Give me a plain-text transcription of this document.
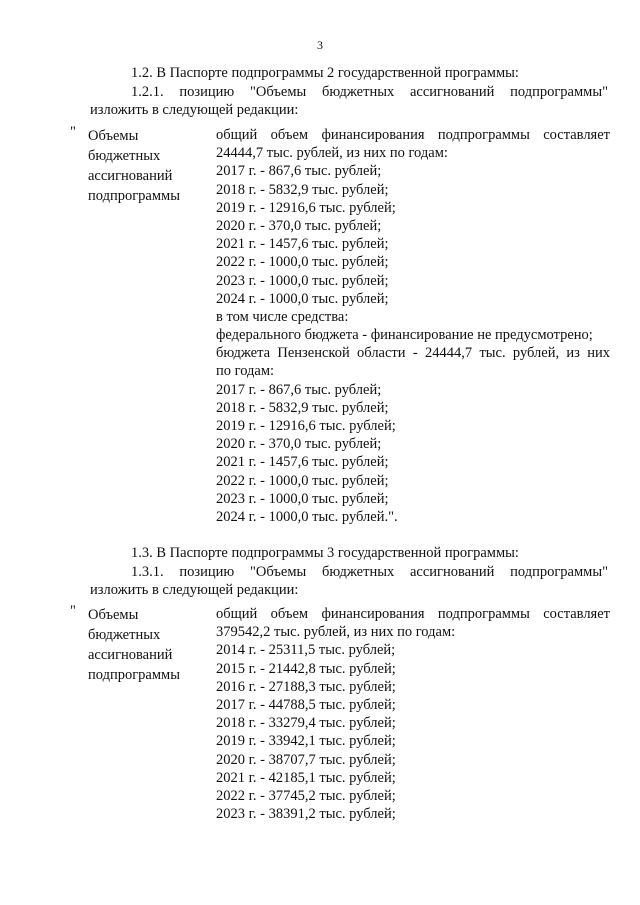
3
1.2. В Паспорте подпрограммы 2 государственной программы:
1.2.1. позицию "Объемы бюджетных ассигнований подпрограммы"
изложить в следующей редакции:
" Объемы
бюджетных
ассигнований
подпрограммы
общий объем финансирования подпрограммы составляет
24444,7 тыс. рублей, из них по годам:
2017 г. - 867,6 тыс. рублей;
2018 г. - 5832,9 тыс. рублей;
2019 г. - 12916,6 тыс. рублей;
2020 г. - 370,0 тыс. рублей;
2021 г. - 1457,6 тыс. рублей;
2022 г. - 1000,0 тыс. рублей;
2023 г. - 1000,0 тыс. рублей;
2024 г. - 1000,0 тыс. рублей;
в том числе средства:
федерального бюджета - финансирование не предусмотрено;
бюджета Пензенской области - 24444,7 тыс. рублей, из них
по годам:
2017 г. - 867,6 тыс. рублей;
2018 г. - 5832,9 тыс. рублей;
2019 г. - 12916,6 тыс. рублей;
2020 г. - 370,0 тыс. рублей;
2021 г. - 1457,6 тыс. рублей;
2022 г. - 1000,0 тыс. рублей;
2023 г. - 1000,0 тыс. рублей;
2024 г. - 1000,0 тыс. рублей.".
1.3. В Паспорте подпрограммы 3 государственной программы:
1.3.1. позицию "Объемы бюджетных ассигнований подпрограммы"
изложить в следующей редакции:
" Объемы
бюджетных
ассигнований
подпрограммы
общий объем финансирования подпрограммы составляет
379542,2 тыс. рублей, из них по годам:
2014 г. - 25311,5 тыс. рублей;
2015 г. - 21442,8 тыс. рублей;
2016 г. - 27188,3 тыс. рублей;
2017 г. - 44788,5 тыс. рублей;
2018 г. - 33279,4 тыс. рублей;
2019 г. - 33942,1 тыс. рублей;
2020 г. - 38707,7 тыс. рублей;
2021 г. - 42185,1 тыс. рублей;
2022 г. - 37745,2 тыс. рублей;
2023 г. - 38391,2 тыс. рублей;
